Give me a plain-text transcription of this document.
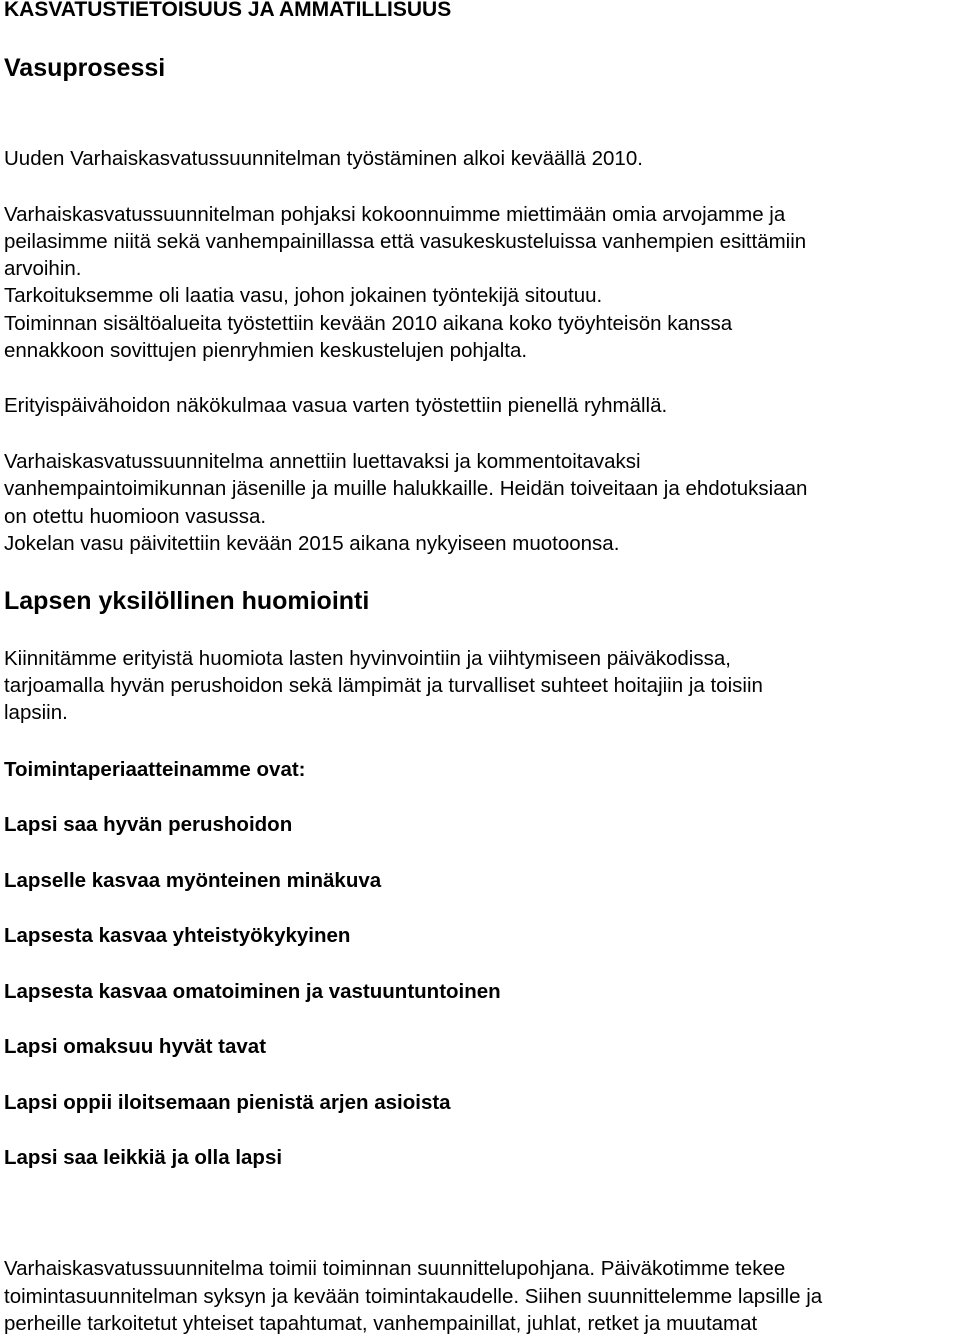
KASVATUSTIETOISUUS JA AMMATILLISUUS
Vasuprosessi
Uuden Varhaiskasvatussuunnitelman työstäminen alkoi keväällä 2010.
Varhaiskasvatussuunnitelman pohjaksi kokoonnuimme miettimään omia arvojamme ja
peilasimme niitä sekä vanhempainillassa että vasukeskusteluissa vanhempien esittämiin
arvoihin.
Tarkoituksemme oli laatia vasu, johon jokainen työntekijä sitoutuu.
Toiminnan sisältöalueita työstettiin kevään 2010 aikana koko työyhteisön kanssa
ennakkoon sovittujen pienryhmien keskustelujen pohjalta.
Erityispäivähoidon näkökulmaa vasua varten työstettiin pienellä ryhmällä.
Varhaiskasvatussuunnitelma annettiin luettavaksi ja kommentoitavaksi
vanhempaintoimikunnan jäsenille ja muille halukkaille. Heidän toiveitaan ja ehdotuksiaan
on otettu huomioon vasussa.
Jokelan vasu päivitettiin kevään 2015 aikana nykyiseen muotoonsa.
Lapsen yksilöllinen huomiointi
Kiinnitämme erityistä huomiota lasten hyvinvointiin ja viihtymiseen päiväkodissa,
tarjoamalla hyvän perushoidon sekä lämpimät ja turvalliset suhteet hoitajiin ja toisiin
lapsiin.
Toimintaperiaatteinamme ovat:
Lapsi saa hyvän perushoidon
Lapselle kasvaa myönteinen minäkuva
Lapsesta kasvaa yhteistyökykyinen
Lapsesta kasvaa omatoiminen ja vastuuntuntoinen
Lapsi omaksuu hyvät tavat
Lapsi oppii iloitsemaan pienistä arjen asioista
Lapsi saa leikkiä ja olla lapsi
Varhaiskasvatussuunnitelma toimii toiminnan suunnittelupohjana. Päiväkotimme tekee
toimintasuunnitelman syksyn ja kevään toimintakaudelle. Siihen suunnittelemme lapsille ja
perheille tarkoitetut yhteiset tapahtumat, vanhempainillat, juhlat, retket ja muutamat
